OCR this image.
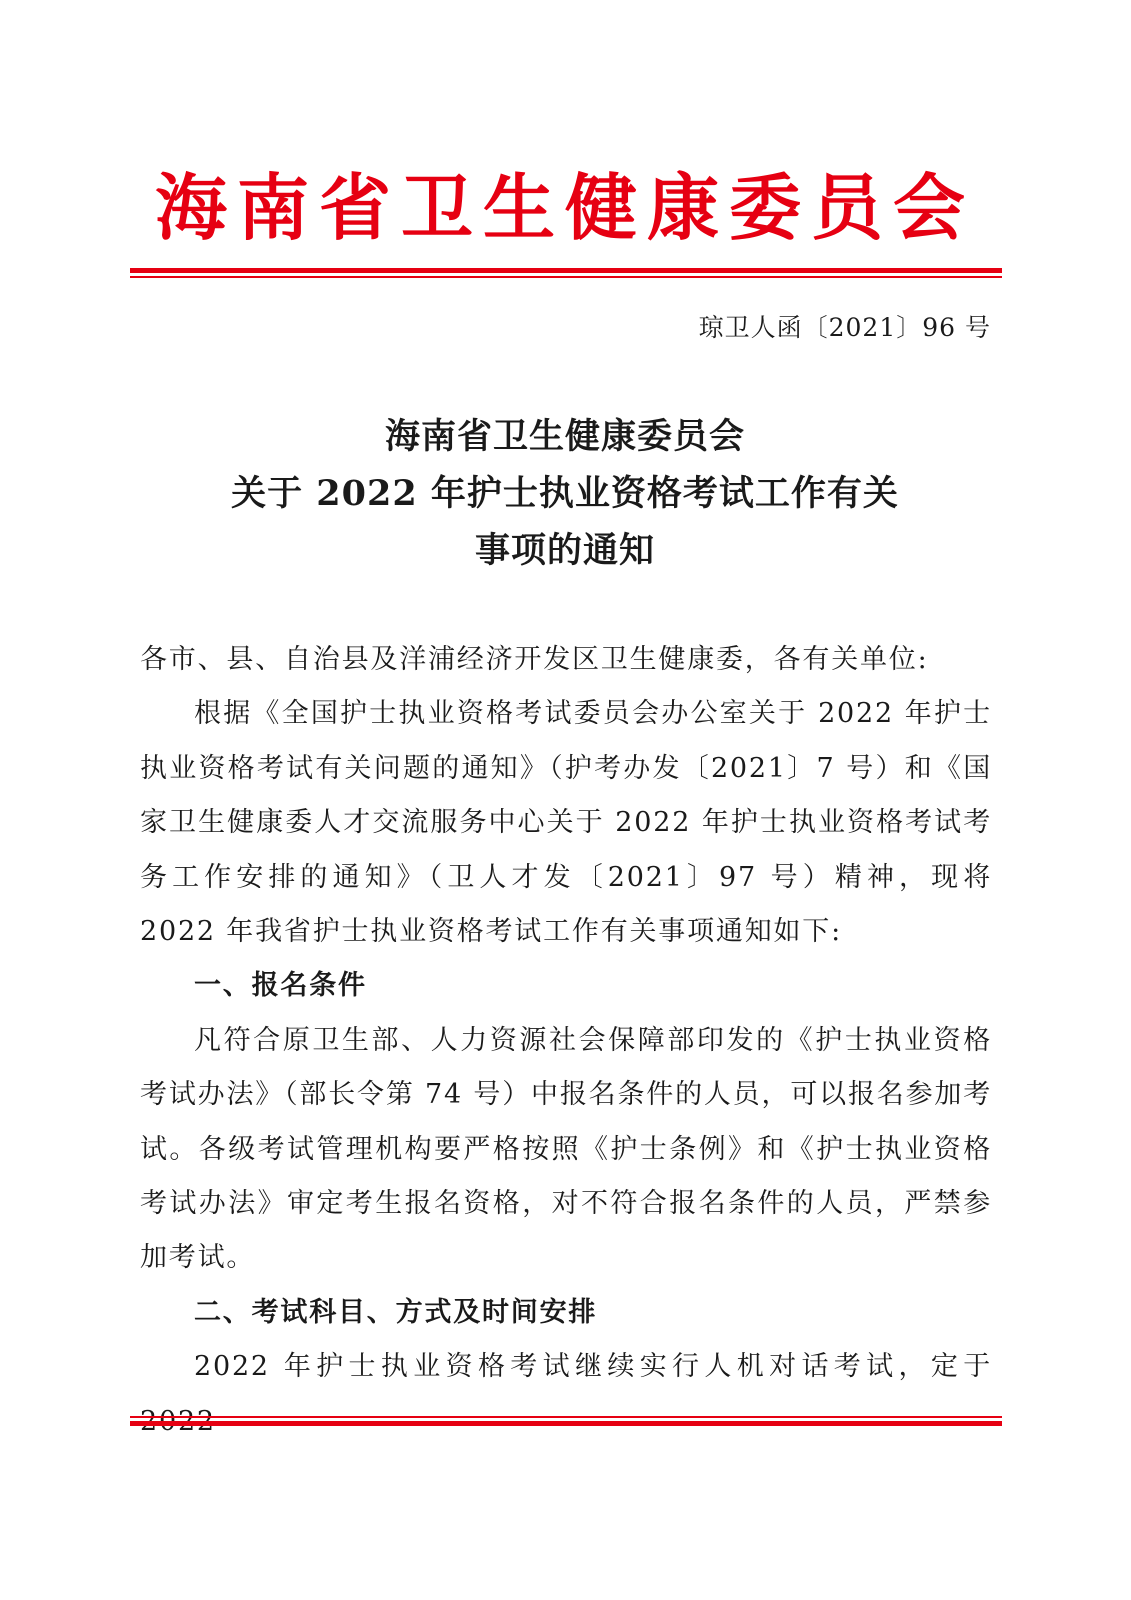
海南省卫生健康委员会
琼卫人函〔2021〕96 号
海南省卫生健康委员会
关于 2022 年护士执业资格考试工作有关
事项的通知

各市、县、自治县及洋浦经济开发区卫生健康委，各有关单位:

根据《全国护士执业资格考试委员会办公室关于 2022 年护士执业资格考试有关问题的通知》（护考办发〔2021〕7 号）和《国家卫生健康委人才交流服务中心关于 2022 年护士执业资格考试考务工作安排的通知》（卫人才发〔2021〕97 号）精神，现将 2022 年我省护士执业资格考试工作有关事项通知如下:

一、报名条件

凡符合原卫生部、人力资源社会保障部印发的《护士执业资格考试办法》（部长令第 74 号）中报名条件的人员，可以报名参加考试。各级考试管理机构要严格按照《护士条例》和《护士执业资格考试办法》审定考生报名资格，对不符合报名条件的人员，严禁参加考试。

二、考试科目、方式及时间安排

2022 年护士执业资格考试继续实行人机对话考试，定于
